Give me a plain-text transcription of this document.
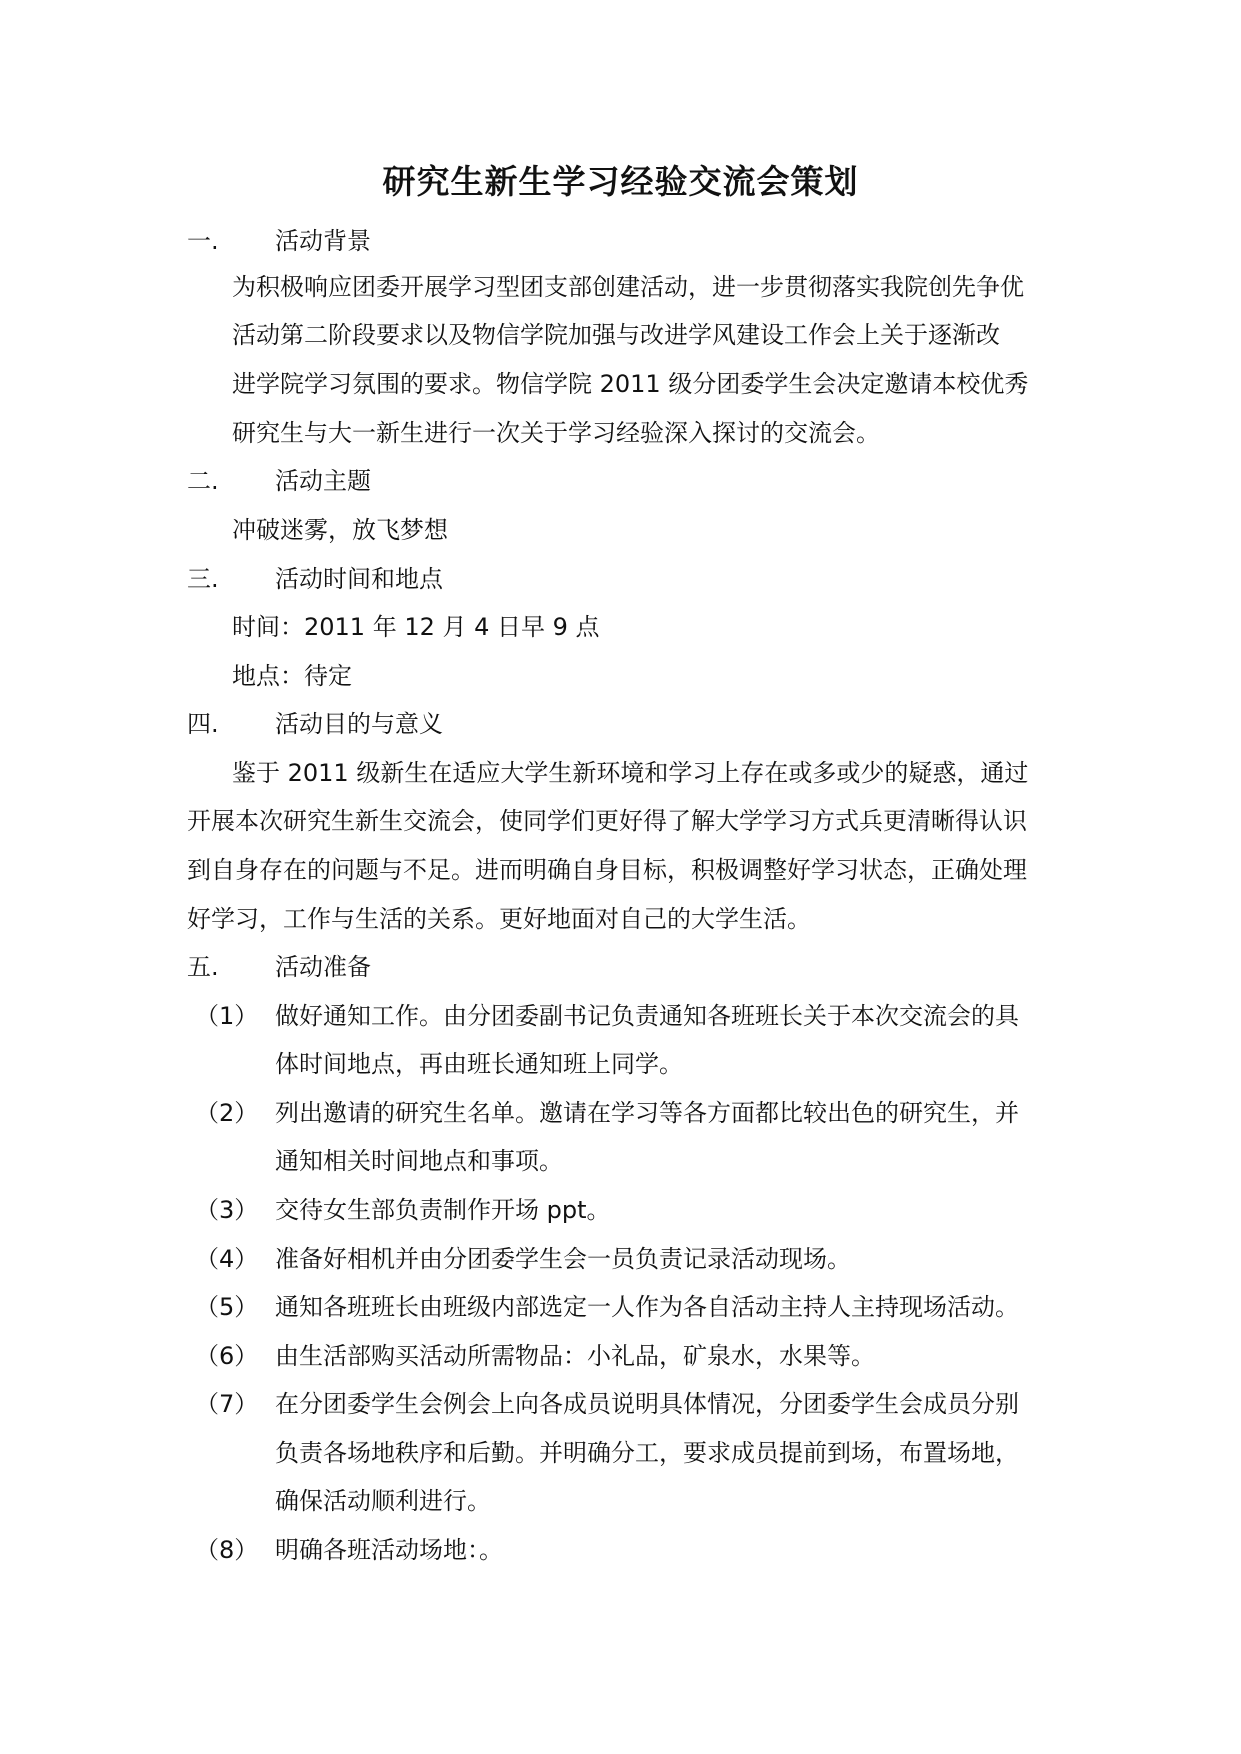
研究生新生学习经验交流会策划
一. 活动背景
为积极响应团委开展学习型团支部创建活动，进一步贯彻落实我院创先争优
活动第二阶段要求以及物信学院加强与改进学风建设工作会上关于逐渐改
进学院学习氛围的要求。物信学院 2011 级分团委学生会决定邀请本校优秀
研究生与大一新生进行一次关于学习经验深入探讨的交流会。
二. 活动主题
冲破迷雾，放飞梦想
三. 活动时间和地点
时间：2011 年 12 月 4 日早 9 点
地点：待定
四. 活动目的与意义
鉴于 2011 级新生在适应大学生新环境和学习上存在或多或少的疑惑，通过
开展本次研究生新生交流会，使同学们更好得了解大学学习方式兵更清晰得认识
到自身存在的问题与不足。进而明确自身目标，积极调整好学习状态，正确处理
好学习，工作与生活的关系。更好地面对自己的大学生活。
五. 活动准备
（1） 做好通知工作。由分团委副书记负责通知各班班长关于本次交流会的具
体时间地点，再由班长通知班上同学。
（2） 列出邀请的研究生名单。邀请在学习等各方面都比较出色的研究生，并
通知相关时间地点和事项。
（3） 交待女生部负责制作开场 ppt。
（4） 准备好相机并由分团委学生会一员负责记录活动现场。
（5） 通知各班班长由班级内部选定一人作为各自活动主持人主持现场活动。
（6） 由生活部购买活动所需物品：小礼品，矿泉水，水果等。
（7） 在分团委学生会例会上向各成员说明具体情况，分团委学生会成员分别
负责各场地秩序和后勤。并明确分工，要求成员提前到场，布置场地，
确保活动顺利进行。
（8） 明确各班活动场地：。
